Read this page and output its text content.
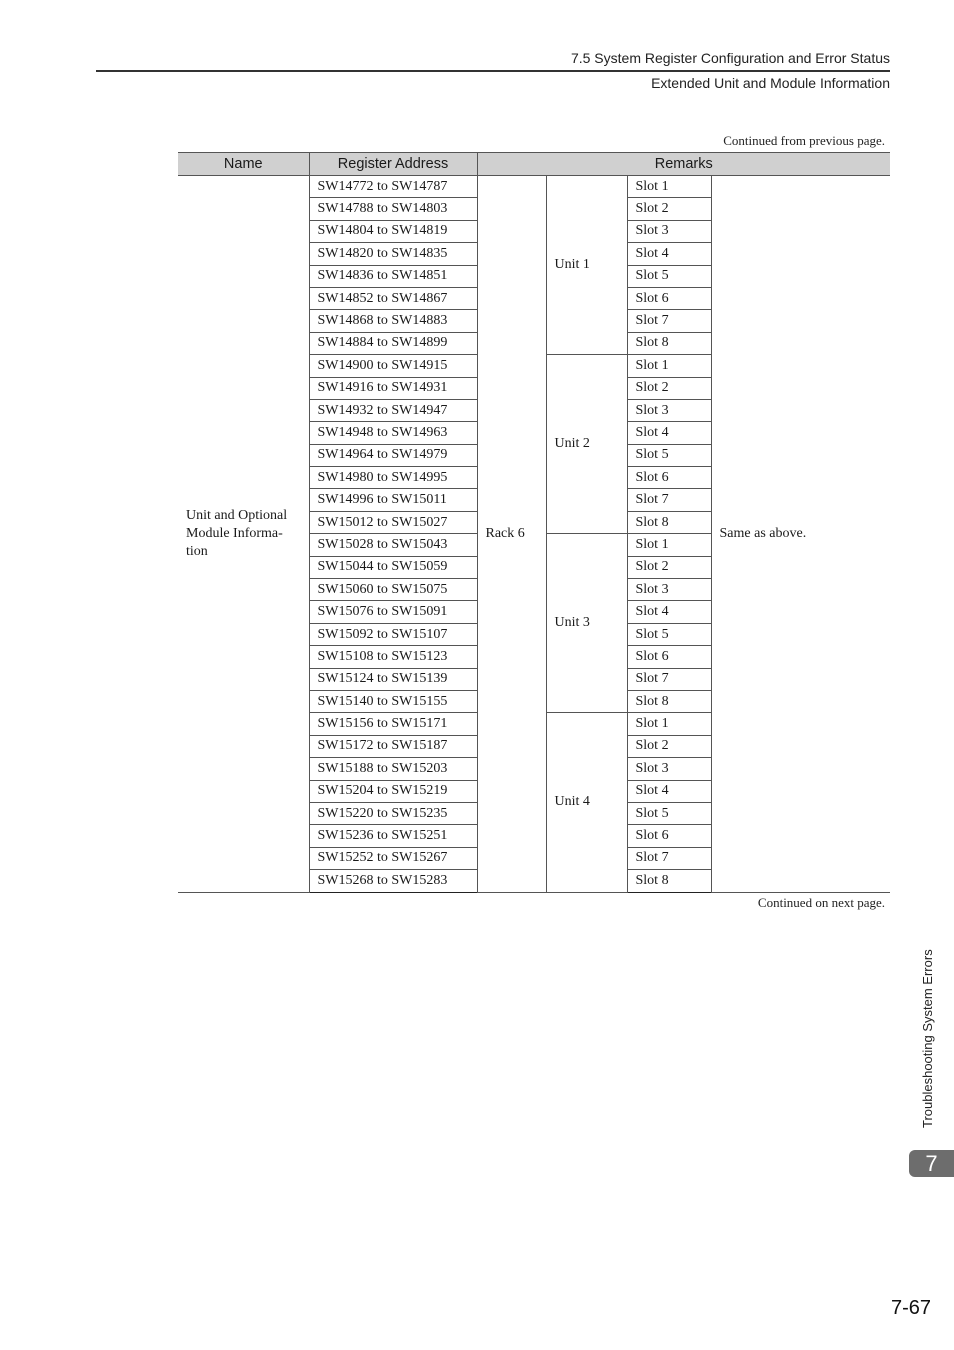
7.5 System Register Configuration and Error Status
Extended Unit and Module Information
Continued from previous page.
Name	Register Address	Remarks			
Unit and Optional Module Informa-tion	SW14772 to SW14787	Rack 6	Unit 1	Slot 1	Same as above.
	SW14788 to SW14803			Slot 2	
	SW14804 to SW14819			Slot 3	
	SW14820 to SW14835			Slot 4	
	SW14836 to SW14851			Slot 5	
	SW14852 to SW14867			Slot 6	
	SW14868 to SW14883			Slot 7	
	SW14884 to SW14899			Slot 8	
	SW14900 to SW14915		Unit 2	Slot 1	
	SW14916 to SW14931			Slot 2	
	SW14932 to SW14947			Slot 3	
	SW14948 to SW14963			Slot 4	
	SW14964 to SW14979			Slot 5	
	SW14980 to SW14995			Slot 6	
	SW14996 to SW15011			Slot 7	
	SW15012 to SW15027			Slot 8	
	SW15028 to SW15043		Unit 3	Slot 1	
	SW15044 to SW15059			Slot 2	
	SW15060 to SW15075			Slot 3	
	SW15076 to SW15091			Slot 4	
	SW15092 to SW15107			Slot 5	
	SW15108 to SW15123			Slot 6	
	SW15124 to SW15139			Slot 7	
	SW15140 to SW15155			Slot 8	
	SW15156 to SW15171		Unit 4	Slot 1	
	SW15172 to SW15187			Slot 2	
	SW15188 to SW15203			Slot 3	
	SW15204 to SW15219			Slot 4	
	SW15220 to SW15235			Slot 5	
	SW15236 to SW15251			Slot 6	
	SW15252 to SW15267			Slot 7	
	SW15268 to SW15283			Slot 8	
Continued on next page.
Troubleshooting System Errors
7
7-67
